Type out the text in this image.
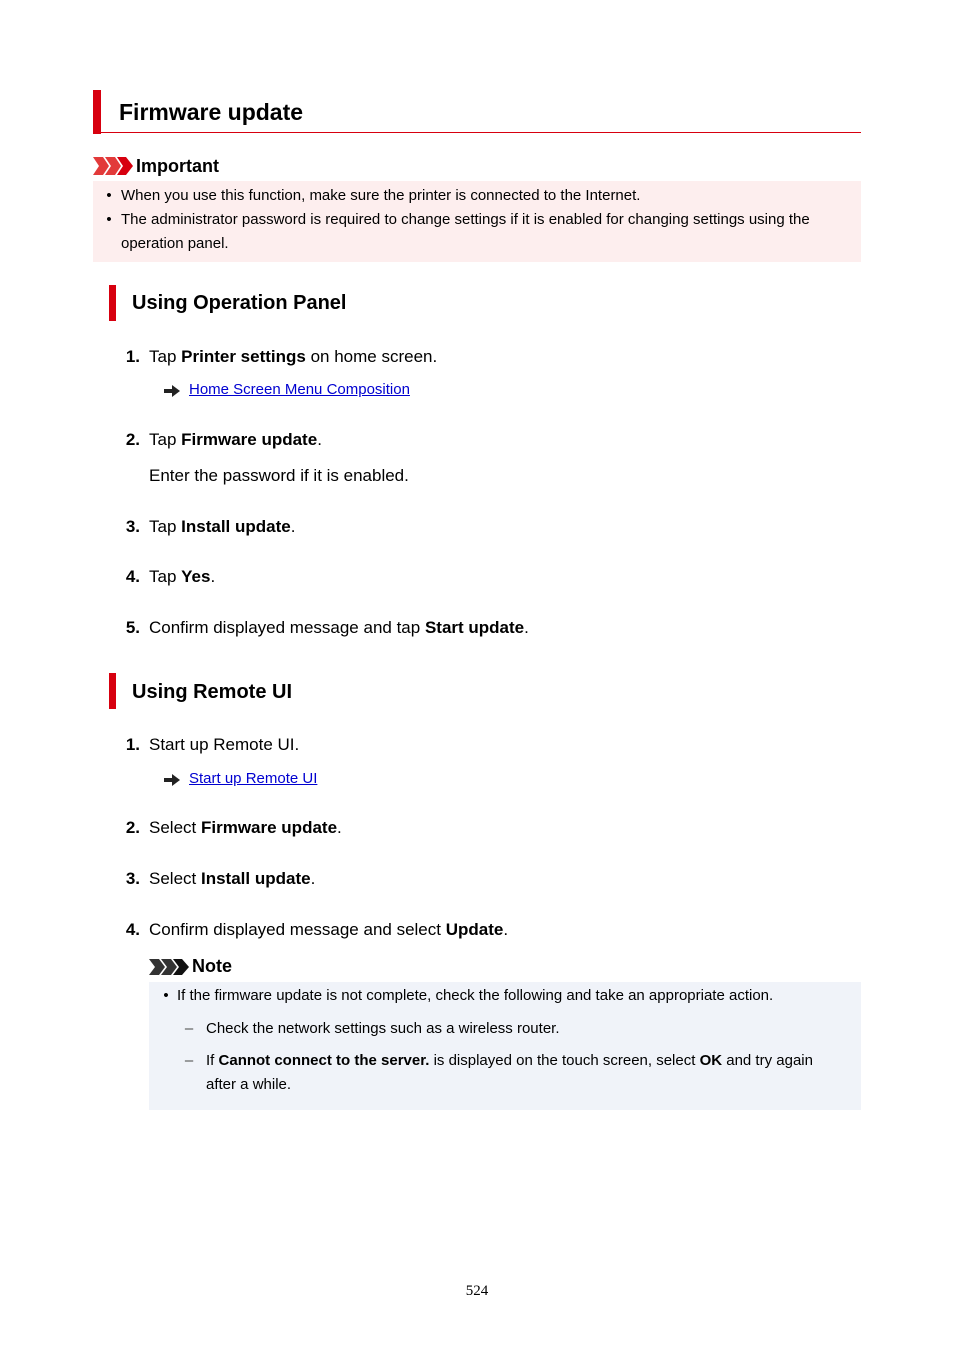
Firmware update
Important
• When you use this function, make sure the printer is connected to the Internet.
• The administrator password is required to change settings if it is enabled for changing settings using the
operation panel.
Using Operation Panel
1. Tap Printer settings on home screen.
Home Screen Menu Composition
2. Tap Firmware update.
Enter the password if it is enabled.
3. Tap Install update.
4. Tap Yes.
5. Confirm displayed message and tap Start update.
Using Remote UI
1. Start up Remote UI.
Start up Remote UI
2. Select Firmware update.
3. Select Install update.
4. Confirm displayed message and select Update.
Note
• If the firmware update is not complete, check the following and take an appropriate action.
– Check the network settings such as a wireless router.
– If Cannot connect to the server. is displayed on the touch screen, select OK and try again
after a while.
524
